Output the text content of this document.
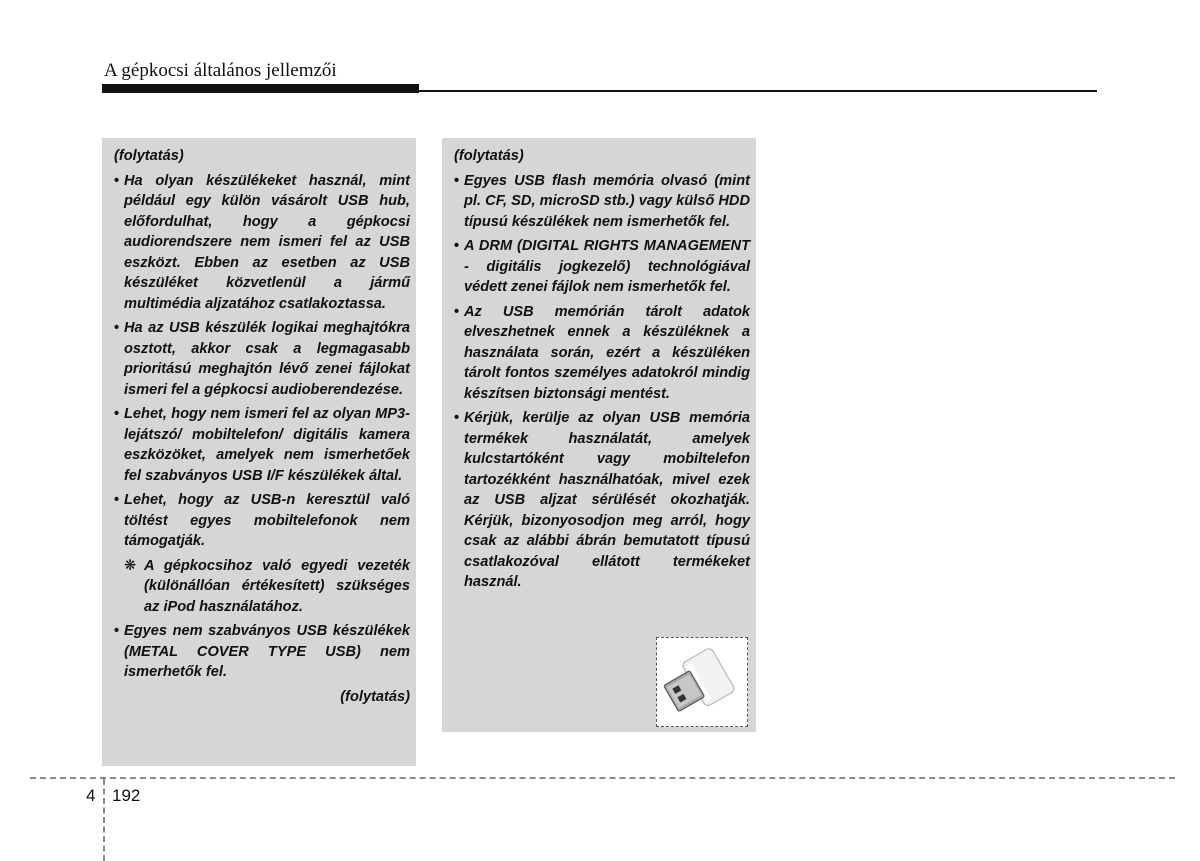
A gépkocsi általános jellemzői
(folytatás)
• Ha olyan készülékeket használ, mint például egy külön vásárolt USB hub, előfordulhat, hogy a gépkocsi audiorendszere nem ismeri fel az USB eszközt. Ebben az esetben az USB készüléket közvetlenül a jármű multimédia aljzatához csatlakoztassa.
• Ha az USB készülék logikai meghajtókra osztott, akkor csak a legmagasabb prioritású meghajtón lévő zenei fájlokat ismeri fel a gépkocsi audioberendezése.
• Lehet, hogy nem ismeri fel az olyan MP3-lejátszó/ mobiltelefon/ digitális kamera eszközöket, amelyek nem ismerhetőek fel szabványos USB I/F készülékek által.
• Lehet, hogy az USB-n keresztül való töltést egyes mobiltelefonok nem támogatják.
❋ A gépkocsihoz való egyedi vezeték (különállóan értékesített) szükséges az iPod használatához.
• Egyes nem szabványos USB készülékek (METAL COVER TYPE USB) nem ismerhetők fel.
(folytatás)
(folytatás)
• Egyes USB flash memória olvasó (mint pl. CF, SD, microSD stb.) vagy külső HDD típusú készülékek nem ismerhetők fel.
• A DRM (DIGITAL RIGHTS MANAGEMENT - digitális jogkezelő) technológiával védett zenei fájlok nem ismerhetők fel.
• Az USB memórián tárolt adatok elveszhetnek ennek a készüléknek a használata során, ezért a készüléken tárolt fontos személyes adatokról mindig készítsen biztonsági mentést.
• Kérjük, kerülje az olyan USB memória termékek használatát, amelyek kulcstartóként vagy mobiltelefon tartozékként használhatóak, mivel ezek az USB aljzat sérülését okozhatják. Kérjük, bizonyosodjon meg arról, hogy csak az alábbi ábrán bemutatott típusú csatlakozóval ellátott termékeket használ.
4 192
